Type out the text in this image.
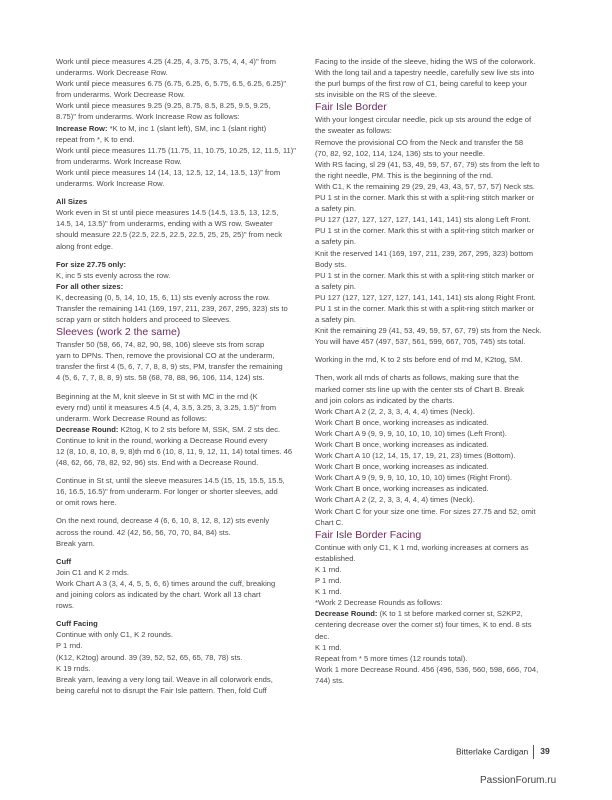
Work until piece measures 4.25 (4.25, 4, 3.75, 3.75, 4, 4, 4)" from

underarms. Work Decrease Row.

Work until piece measures 6.75 (6.75, 6.25, 6, 5.75, 6.5, 6.25, 6.25)"

from underarms. Work Decrease Row.

Work until piece measures 9.25 (9.25, 8.75, 8.5, 8.25, 9.5, 9.25,

8.75)" from underarms. Work Increase Row as follows:

Increase Row: *K to M, inc 1 (slant left), SM, inc 1 (slant right)

repeat from *, K to end.

Work until piece measures 11.75 (11.75, 11, 10.75, 10.25, 12, 11.5, 11)"

from underarms. Work Increase Row.

Work until piece measures 14 (14, 13, 12.5, 12, 14, 13.5, 13)" from

underarms. Work Increase Row.

All Sizes

Work even in St st until piece measures 14.5 (14.5, 13.5, 13, 12.5,

14.5, 14, 13.5)" from underarms, ending with a WS row. Sweater

should measure 22.5 (22.5, 22.5, 22.5, 22.5, 25, 25, 25)" from neck

along front edge.

For size 27.75 only:

K, inc 5 sts evenly across the row.

For all other sizes:

K, decreasing (0, 5, 14, 10, 15, 6, 11) sts evenly across the row.

Transfer the remaining 141 (169, 197, 211, 239, 267, 295, 323) sts to

scrap yarn or stitch holders and proceed to Sleeves.

Sleeves (work 2 the same)

Transfer 50 (58, 66, 74, 82, 90, 98, 106) sleeve sts from scrap

yarn to DPNs. Then, remove the provisional CO at the underarm,

transfer the first 4 (5, 6, 7, 7, 8, 8, 9) sts, PM, transfer the remaining

4 (5, 6, 7, 7, 8, 8, 9) sts. 58 (68, 78, 88, 96, 106, 114, 124) sts.

Beginning at the M, knit sleeve in St st with MC in the rnd (K

every rnd) until it measures 4.5 (4, 4, 3.5, 3.25, 3, 3.25, 1.5)" from

underarm. Work Decrease Round as follows:

Decrease Round: K2tog, K to 2 sts before M, SSK, SM. 2 sts dec.

Continue to knit in the round, working a Decrease Round every

12 (8, 10, 8, 10, 8, 9, 8)th rnd 6 (10, 8, 11, 9, 12, 11, 14) total times. 46

(48, 62, 66, 78, 82, 92, 96) sts. End with a Decrease Round.

Continue in St st, until the sleeve measures 14.5 (15, 15, 15.5, 15.5,

16, 16.5, 16.5)" from underarm. For longer or shorter sleeves, add

or omit rows here.

On the next round, decrease 4 (6, 6, 10, 8, 12, 8, 12) sts evenly

across the round. 42 (42, 56, 56, 70, 70, 84, 84) sts.

Break yarn.

Cuff

Join C1 and K 2 rnds.

Work Chart A 3 (3, 4, 4, 5, 5, 6, 6) times around the cuff, breaking

and joining colors as indicated by the chart. Work all 13 chart

rows.

Cuff Facing

Continue with only C1, K 2 rounds.

P 1 rnd.

(K12, K2tog) around. 39 (39, 52, 52, 65, 65, 78, 78) sts.

K 19 rnds.

Break yarn, leaving a very long tail. Weave in all colorwork ends,

being careful not to disrupt the Fair Isle pattern. Then, fold Cuff

Facing to the inside of the sleeve, hiding the WS of the colorwork.

With the long tail and a tapestry needle, carefully sew live sts into

the purl bumps of the first row of C1, being careful to keep your

sts invisible on the RS of the sleeve.

Fair Isle Border

With your longest circular needle, pick up sts around the edge of

the sweater as follows:

Remove the provisional CO from the Neck and transfer the 58

(70, 82, 92, 102, 114, 124, 136) sts to your needle.

With RS facing, sl 29 (41, 53, 49, 59, 57, 67, 79) sts from the left to

the right needle, PM. This is the beginning of the rnd.

With C1, K the remaining 29 (29, 29, 43, 43, 57, 57, 57) Neck sts.

PU 1 st in the corner. Mark this st with a split-ring stitch marker or

a safety pin.

PU 127 (127, 127, 127, 127, 141, 141, 141) sts along Left Front.

PU 1 st in the corner. Mark this st with a split-ring stitch marker or

a safety pin.

Knit the reserved 141 (169, 197, 211, 239, 267, 295, 323) bottom

Body sts.

PU 1 st in the corner. Mark this st with a split-ring stitch marker or

a safety pin.

PU 127 (127, 127, 127, 127, 141, 141, 141) sts along Right Front.

PU 1 st in the corner. Mark this st with a split-ring stitch marker or

a safety pin.

Knit the remaining 29 (41, 53, 49, 59, 57, 67, 79) sts from the Neck.

You will have 457 (497, 537, 561, 599, 667, 705, 745) sts total.

Working in the rnd, K to 2 sts before end of rnd M, K2tog, SM.

Then, work all rnds of charts as follows, making sure that the

marked corner sts line up with the center sts of Chart B. Break

and join colors as indicated by the charts.

Work Chart A 2 (2, 2, 3, 3, 4, 4, 4) times (Neck).

Work Chart B once, working increases as indicated.

Work Chart A 9 (9, 9, 9, 10, 10, 10, 10) times (Left Front).

Work Chart B once, working increases as indicated.

Work Chart A 10 (12, 14, 15, 17, 19, 21, 23) times (Bottom).

Work Chart B once, working increases as indicated.

Work Chart A 9 (9, 9, 9, 10, 10, 10, 10) times (Right Front).

Work Chart B once, working increases as indicated.

Work Chart A 2 (2, 2, 3, 3, 4, 4, 4) times (Neck).

Work Chart C for your size one time. For sizes 27.75 and 52, omit

Chart C.

Fair Isle Border Facing

Continue with only C1, K 1 rnd, working increases at corners as

established.

K 1 rnd.

P 1 rnd.

K 1 rnd.

*Work 2 Decrease Rounds as follows:

Decrease Round: (K to 1 st before marked corner st, S2KP2,

centering decrease over the corner st) four times, K to end. 8 sts

dec.

K 1 rnd.

Repeat from * 5 more times (12 rounds total).

Work 1 more Decrease Round. 456 (496, 536, 560, 598, 666, 704,

744) sts.

Bitterlake Cardigan 39
PassionForum.ru
